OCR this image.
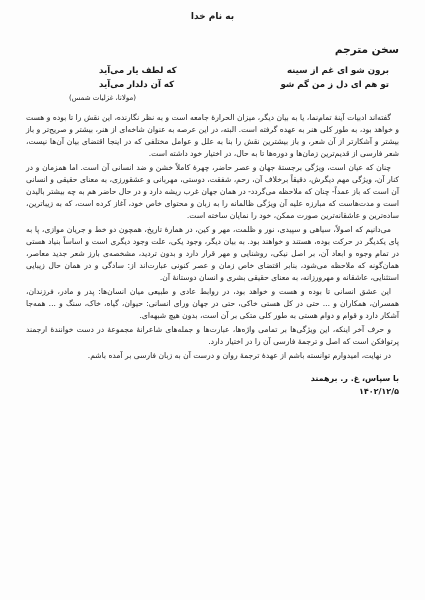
به نام خدا
سخن مترجم
برون شو ای غم از سینه
که لطف یار می‌آید
تو هم ای دل ز من گم شو
که آن دلدار می‌آید
(مولانا، غزلیات شمس)

گفته‌اند ادبیات آینهٔ تمام‌نما، یا به بیان دیگر، میزان الحرارهٔ جامعه است و به نظر نگارنده، این نقش را تا بوده و هست و خواهد بود، به طور کلی هنر به عهده گرفته است. البته، در این عرصه به عنوان شاخه‌ای از هنر، بیشتر و صریح‌تر و باز بیشتر و آشکارتر از آن شعر، و باز بیشترین نقش را بنا به علل و عوامل مختلفی که در اینجا اقتضای بیان آن‌ها نیست، شعر فارسی از قدیم‌ترین زمان‌ها و دوره‌ها تا به حال، در اختیار خود داشته است.

چنان که عیان است، ویژگی برجستهٔ جهان و عصر حاضر، چهرهٔ کاملاً خشن و ضد انسانی آن است. اما همزمان و در کنار آن، ویژگی مهم دیگرش، دقیقاً برخلاف آن، رحم، شفقت، دوستی، مهربانی و عشقورزی، به معنای حقیقی و انسانی آن است که باز عمداً- چنان که ملاحظه می‌گردد- در همان جهان غرب ریشه دارد و در حال حاضر هم به چه بیشتر بالیدن است و مدت‌هاست که مبارزه علیه آن ویژگی ظالمانه را به زبان و محتوای خاص خود، آغاز کرده است، که به زیباترین، ساده‌ترین و عاشقانه‌ترین صورت ممکن، خود را نمایان ساخته است.

می‌دانیم که اصولاً، سیاهی و سپیدی، نور و ظلمت، مهر و کین، در همارهٔ تاریخ، همچون دو خط و جریان موازی، پا به پای یکدیگر در حرکت بوده، هستند و خواهند بود. به بیان دیگر، وجود یکی، علت وجود دیگری است و اساساً بنیاد هستی در تمام وجوه و ابعاد آن، بر اصل نیکی، روشنایی و مهر قرار دارد و بدون تردید، مشخصه‌ی بارز شعر جدید معاصر، همان‌گونه که ملاحظه می‌شود، بنابر اقتضای خاص زمان و عصر کنونی عبارت‌اند از: سادگی و در همان حال زیبایی استثنایی، عاشقانه و مهرورزانه، به معنای حقیقی بشری و انسان دوستانهٔ آن.

این عشق انسانی تا بوده و هست و خواهد بود، در روابط عادی و طبیعی میان انسان‌ها: پدر و مادر، فرزندان، همسران، همکاران و ... حتی در کل هستی خاکی، حتی در جهان ورای انسانی: حیوان، گیاه، خاک، سنگ و ... همه‌جا آشکار دارد و قوام و دوام هستی به طور کلی متکی بر آن است، بدون هیچ شبهه‌ای.

و حرف آخر اینکه، این ویژگی‌ها بر تمامی واژه‌ها، عبارت‌ها و جمله‌های شاعرانهٔ مجموعهٔ در دست خوانندهٔ ارجمند پرتوافکن است که اصل و ترجمهٔ فارسی آن را در اختیار دارد.

در نهایت، امیدوارم توانسته باشم از عهدهٔ ترجمهٔ روان و درست آن به زبان فارسی بر آمده باشم.

با سپاس، غ. ر. برهمند
۱۴۰۲/۱۲/۵
